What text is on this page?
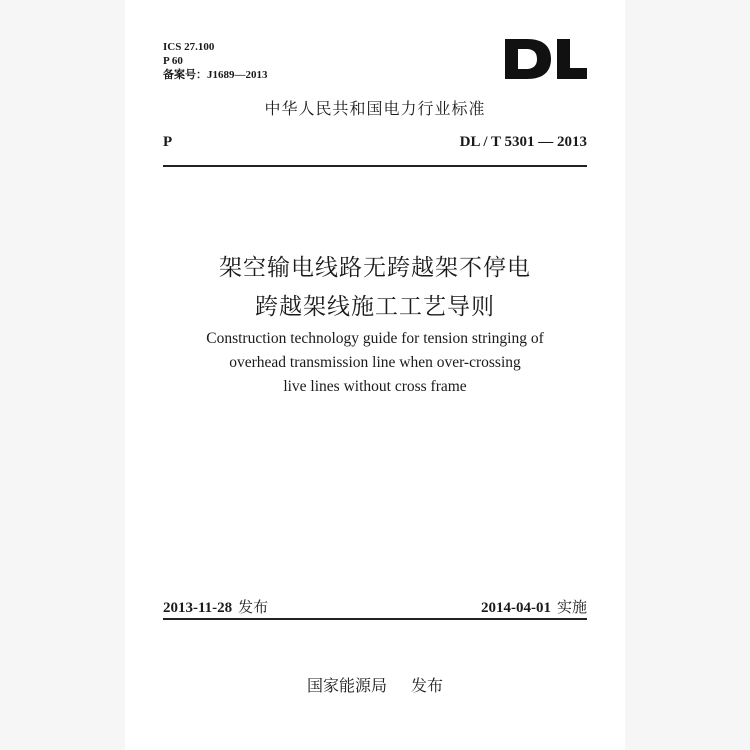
ICS 27.100
P 60
备案号：J1689—2013
中华人民共和国电力行业标准
P	DL / T 5301 — 2013
架空输电线路无跨越架不停电
跨越架线施工工艺导则
Construction technology guide for tension stringing of
overhead transmission line when over-crossing
live lines without cross frame
2013-11-28 发布	2014-04-01 实施
国家能源局 发布
